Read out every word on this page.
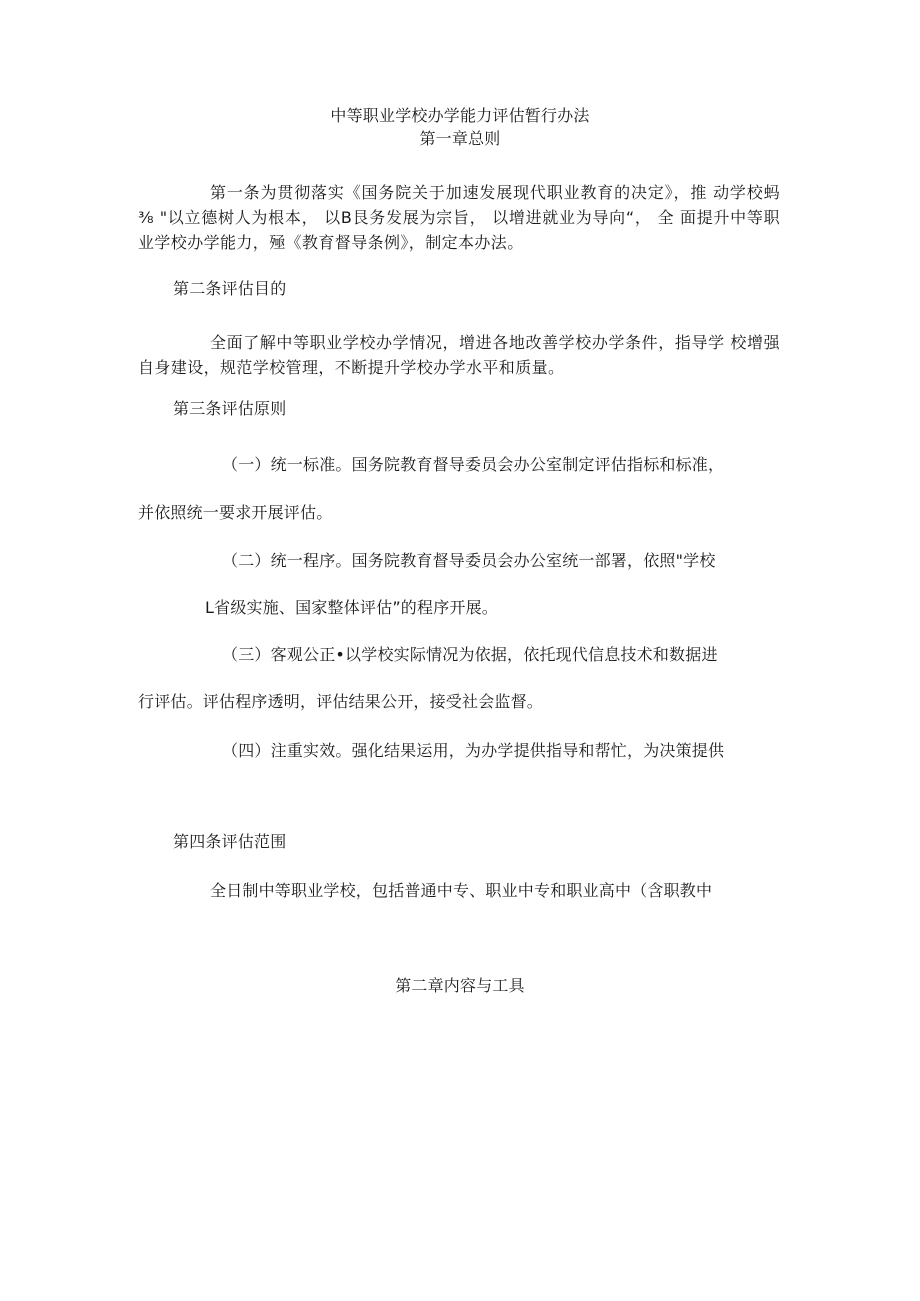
中等职业学校办学能力评估暂行办法
第一章总则
第一条为贯彻落实《国务院关于加速发展现代职业教育的决定》，推 动学校蚂⅜ "以立德树人为根本， 以B艮务发展为宗旨， 以增进就业为导向“， 全 面提升中等职业学校办学能力，殛《教育督导条例》，制定本办法。
第二条评估目的
全面了解中等职业学校办学情况，增进各地改善学校办学条件，指导学 校增强自身建设，规范学校管理，不断提升学校办学水平和质量。
第三条评估原则
（一）统一标准。国务院教育督导委员会办公室制定评估指标和标准，
并依照统一要求开展评估。
（二）统一程序。国务院教育督导委员会办公室统一部署，依照"学校
L省级实施、国家整体评估”的程序开展。
（三）客观公正•以学校实际情况为依据，依托现代信息技术和数据进
行评估。评估程序透明，评估结果公开，接受社会监督。
（四）注重实效。强化结果运用，为办学提供指导和帮忙，为决策提供
第四条评估范围
全日制中等职业学校，包括普通中专、职业中专和职业高中（含职教中
第二章内容与工具
